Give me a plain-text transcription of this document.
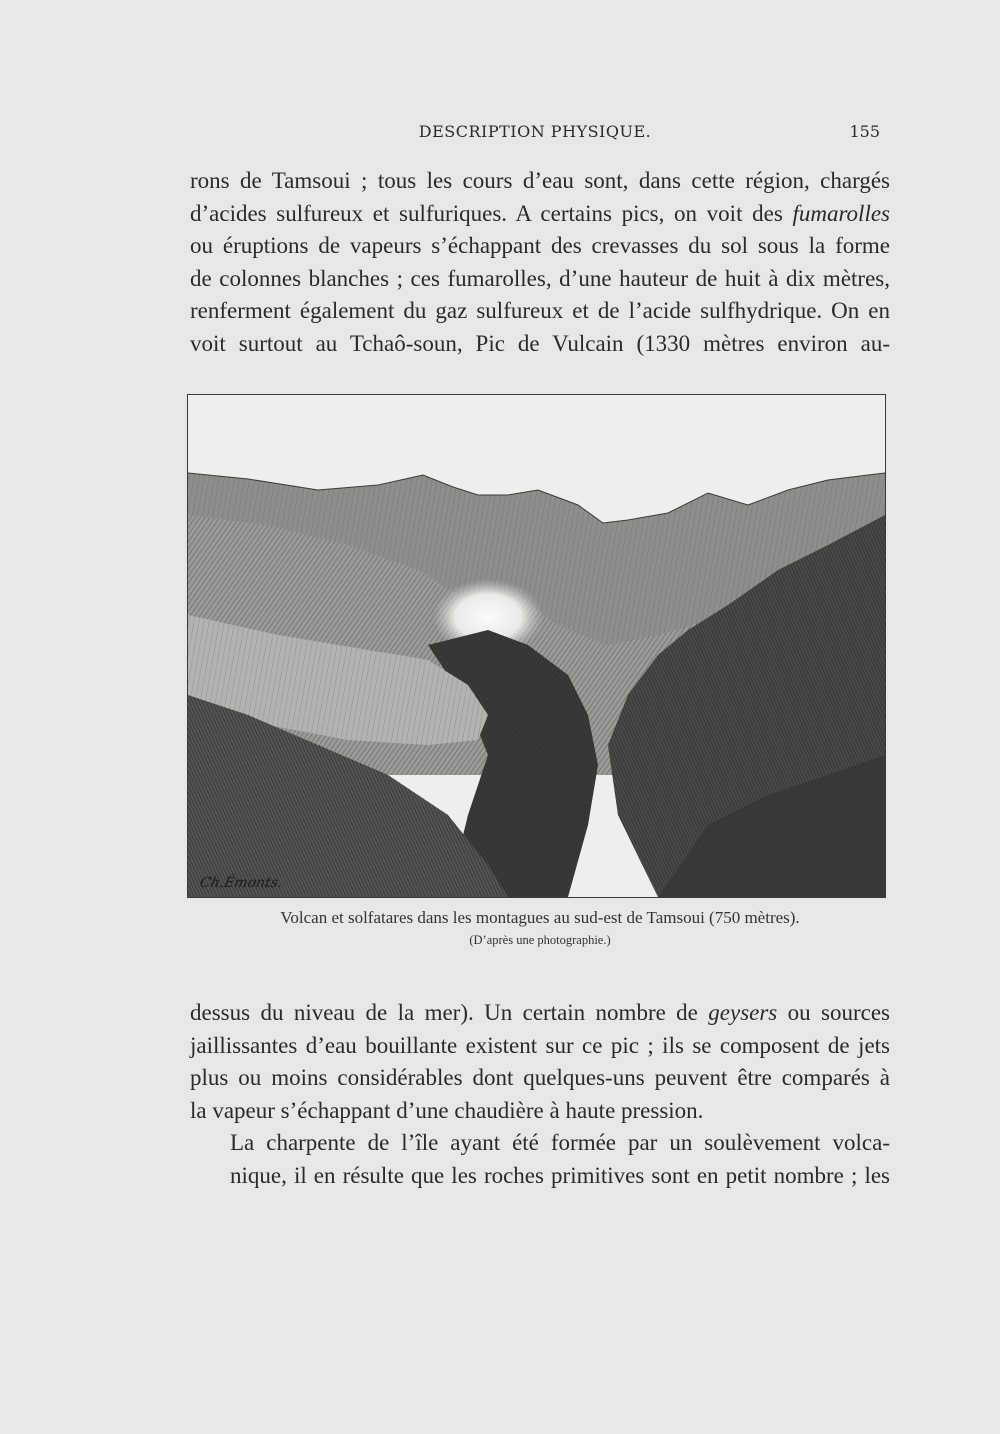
DESCRIPTION PHYSIQUE.	155
rons de Tamsoui ; tous les cours d’eau sont, dans cette région, chargés
d’acides sulfureux et sulfuriques. A certains pics, on voit des fumarolles
ou éruptions de vapeurs s’échappant des crevasses du sol sous la forme
de colonnes blanches ; ces fumarolles, d’une hauteur de huit à dix mètres,
renferment également du gaz sulfureux et de l’acide sulfhydrique. On en
voit surtout au Tchaô-soun, Pic de Vulcain (1330 mètres environ au-
Ch.Émonts.
Volcan et solfatares dans les montagues au sud-est de Tamsoui (750 mètres).
(D’après une photographie.)

dessus du niveau de la mer). Un certain nombre de geysers ou sources
jaillissantes d’eau bouillante existent sur ce pic ; ils se composent de jets
plus ou moins considérables dont quelques-uns peuvent être comparés à
la vapeur s’échappant d’une chaudière à haute pression.

La charpente de l’île ayant été formée par un soulèvement volca-
nique, il en résulte que les roches primitives sont en petit nombre ; les
